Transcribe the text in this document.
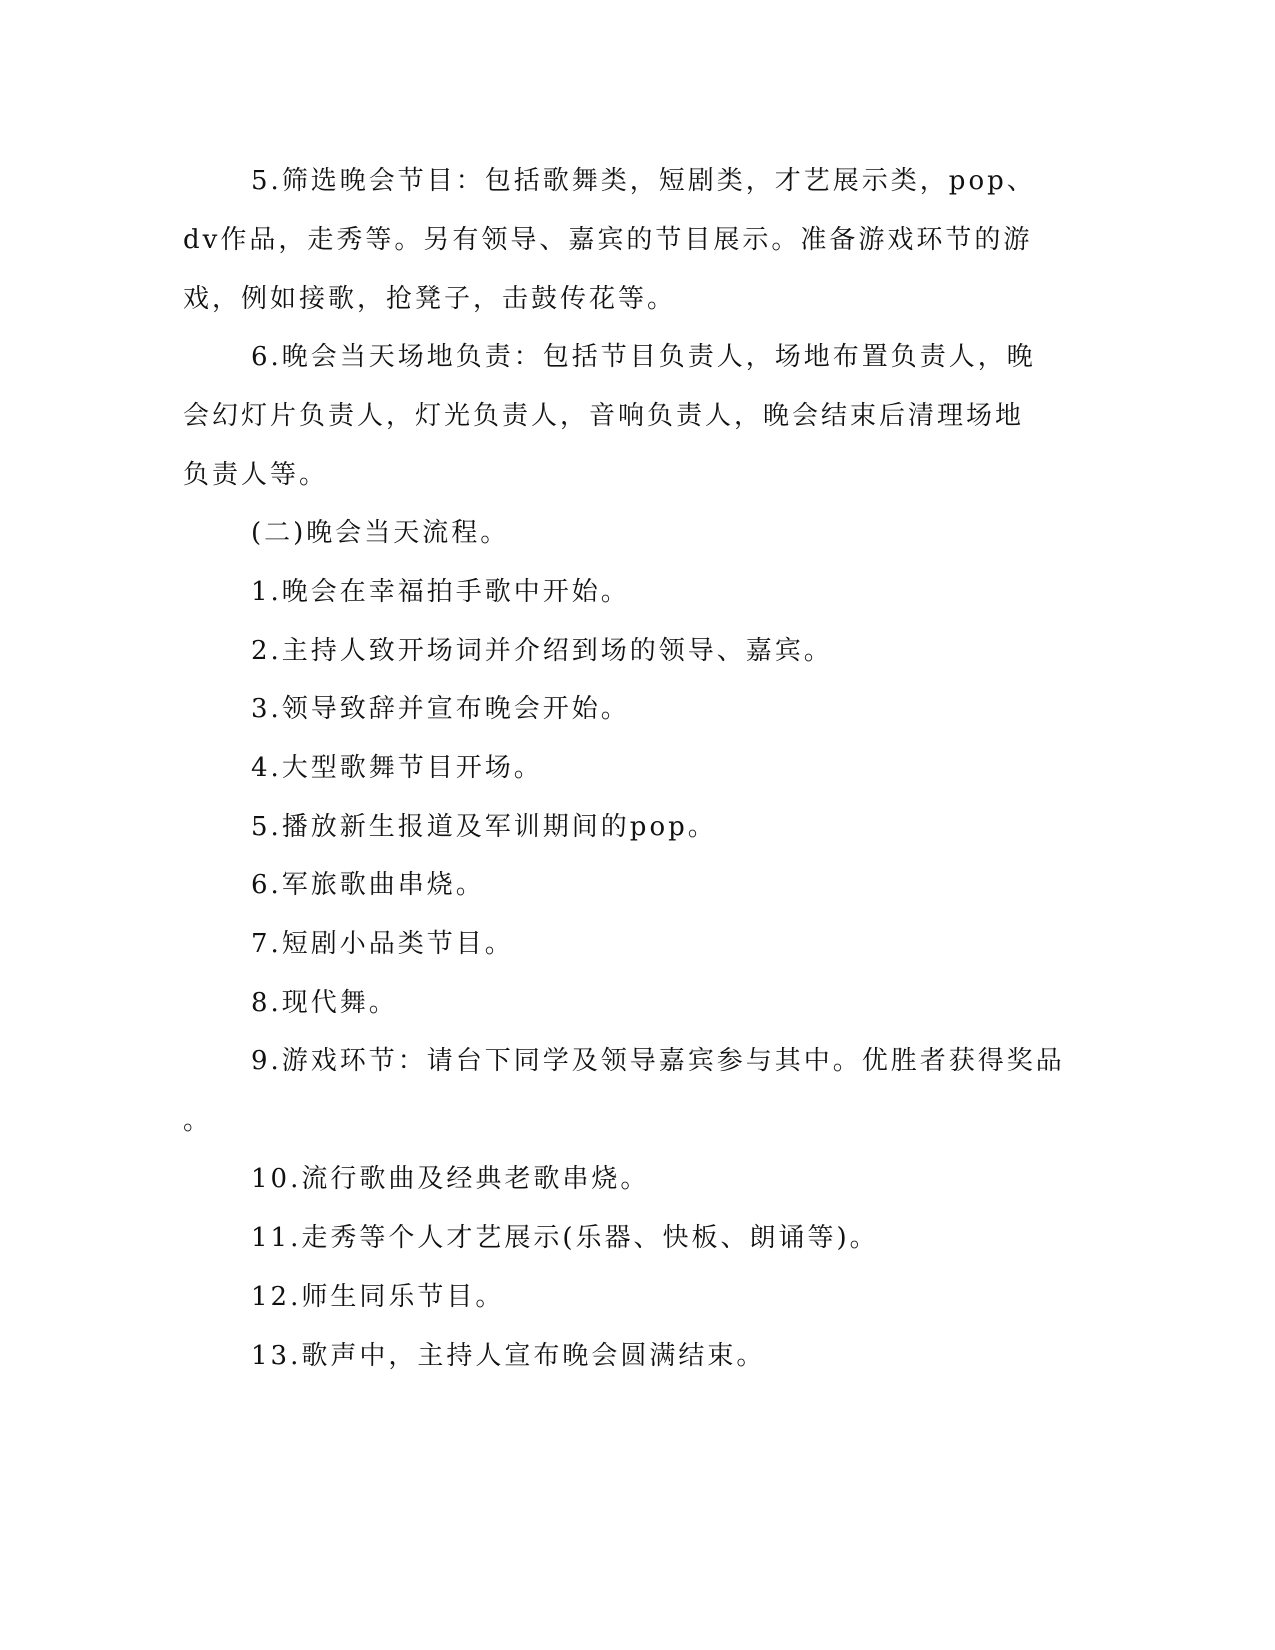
5.筛选晚会节目：包括歌舞类，短剧类，才艺展示类，pop、dv作品，走秀等。另有领导、嘉宾的节目展示。准备游戏环节的游戏，例如接歌，抢凳子，击鼓传花等。

6.晚会当天场地负责：包括节目负责人，场地布置负责人，晚会幻灯片负责人，灯光负责人，音响负责人，晚会结束后清理场地负责人等。

(二)晚会当天流程。

1.晚会在幸福拍手歌中开始。

2.主持人致开场词并介绍到场的领导、嘉宾。

3.领导致辞并宣布晚会开始。

4.大型歌舞节目开场。

5.播放新生报道及军训期间的pop。

6.军旅歌曲串烧。

7.短剧小品类节目。

8.现代舞。

9.游戏环节：请台下同学及领导嘉宾参与其中。优胜者获得奖品

。

10.流行歌曲及经典老歌串烧。

11.走秀等个人才艺展示(乐器、快板、朗诵等)。

12.师生同乐节目。

13.歌声中，主持人宣布晚会圆满结束。
